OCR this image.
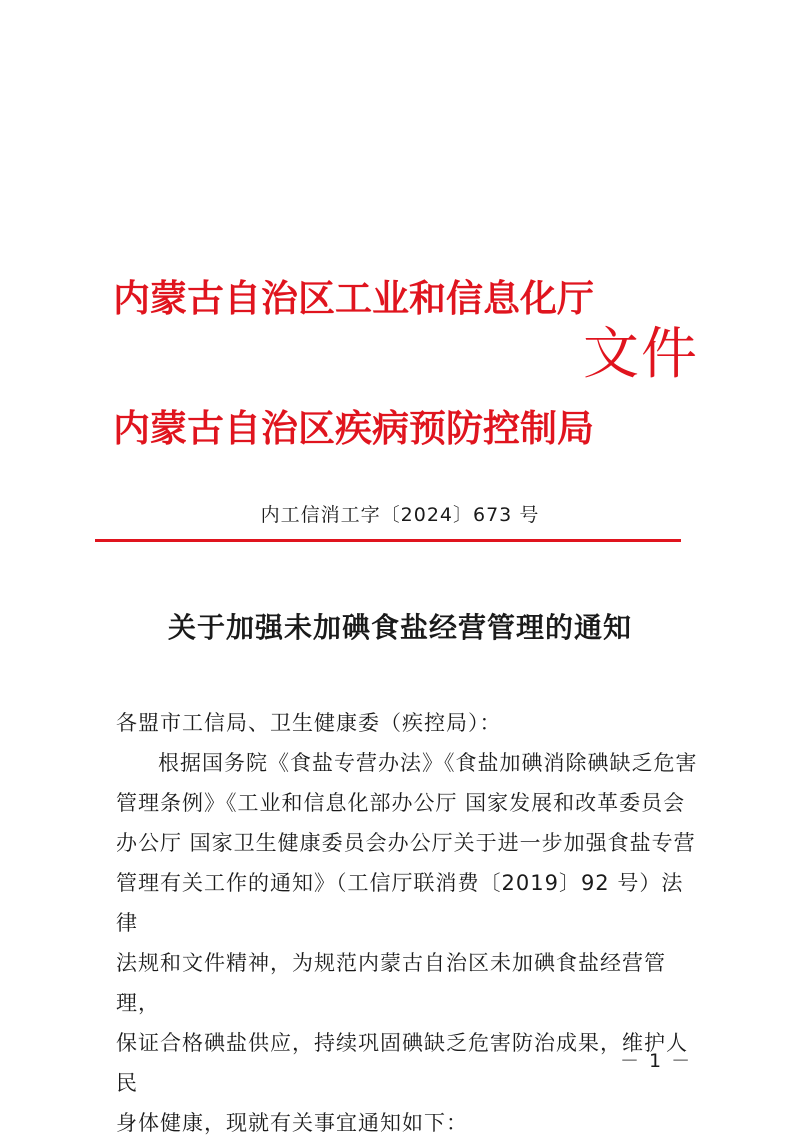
内蒙古自治区工业和信息化厅
文件
内蒙古自治区疾病预防控制局
内工信消工字〔2024〕673 号
关于加强未加碘食盐经营管理的通知

各盟市工信局、卫生健康委（疾控局）：

根据国务院《食盐专营办法》《食盐加碘消除碘缺乏危害

管理条例》《工业和信息化部办公厅 国家发展和改革委员会

办公厅 国家卫生健康委员会办公厅关于进一步加强食盐专营

管理有关工作的通知》（工信厅联消费〔2019〕92 号）法律

法规和文件精神，为规范内蒙古自治区未加碘食盐经营管理，

保证合格碘盐供应，持续巩固碘缺乏危害防治成果，维护人民

身体健康，现就有关事宜通知如下：

－ 1 －
